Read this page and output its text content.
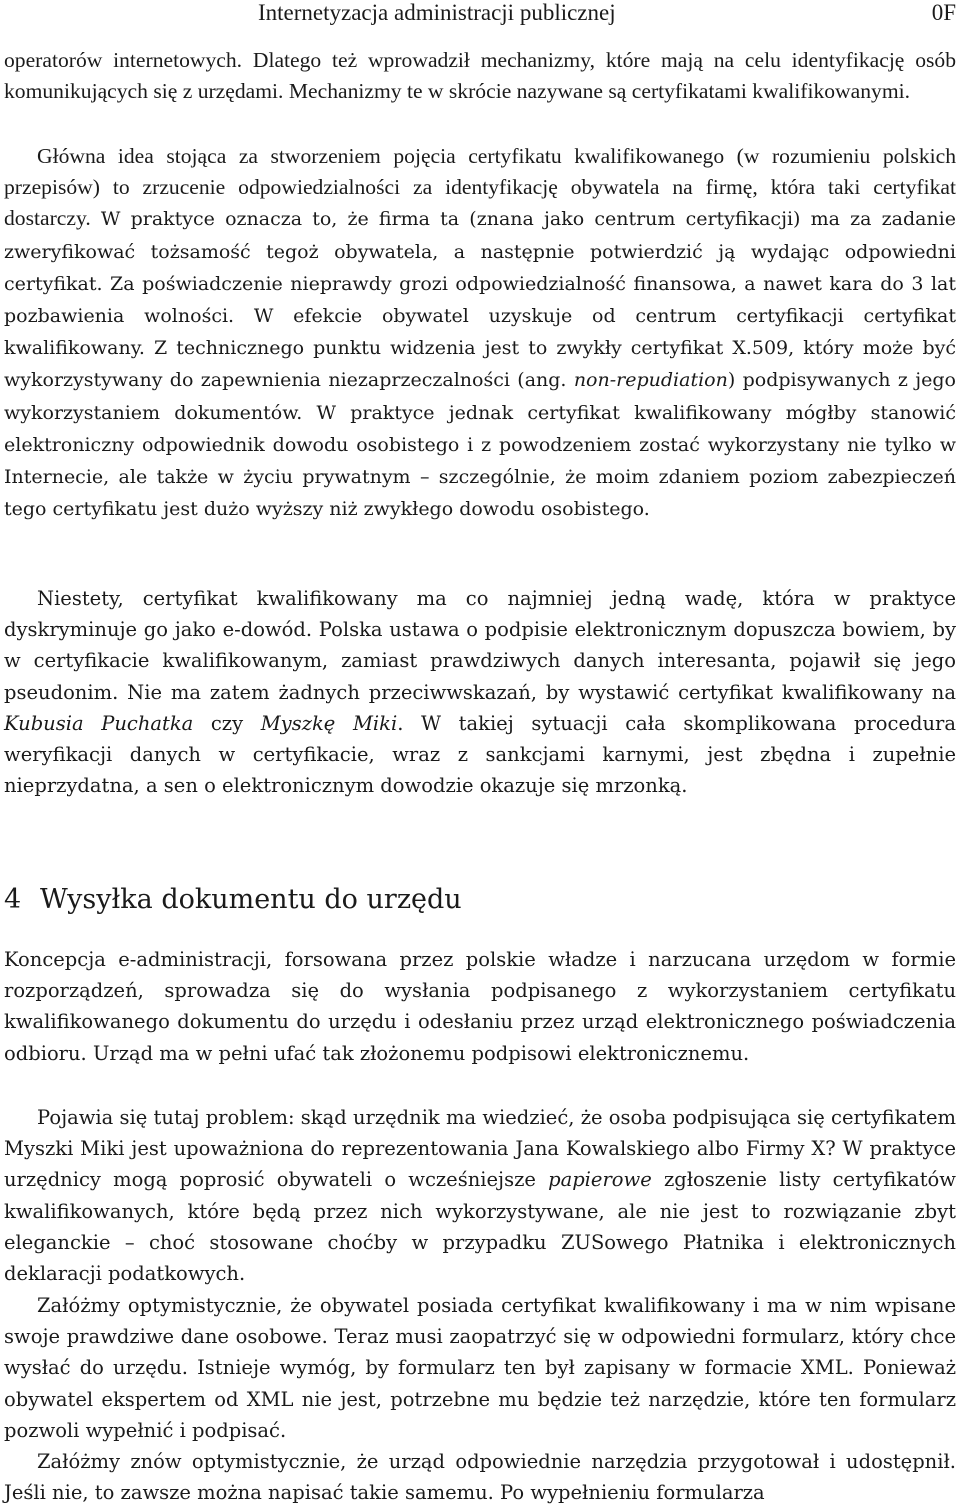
Internetyzacja administracji publicznej	0F

operatorów internetowych. Dlatego też wprowadził mechanizmy, które mają na celu identyfikację osób komunikujących się z urzędami. Mechanizmy te w skrócie nazywane są certyfikatami kwalifikowanymi.

Główna idea stojąca za stworzeniem pojęcia certyfikatu kwalifikowanego (w rozumieniu polskich przepisów) to zrzucenie odpowiedzialności za identyfikację obywatela na firmę, która taki certyfikat dostarczy. W praktyce oznacza to, że firma ta (znana jako centrum certyfikacji) ma za zadanie zweryfikować tożsamość tegoż obywatela, a następnie potwierdzić ją wydając odpowiedni certyfikat. Za poświadczenie nieprawdy grozi odpowiedzialność finansowa, a nawet kara do 3 lat pozbawienia wolności. W efekcie obywatel uzyskuje od centrum certyfikacji certyfikat kwalifikowany. Z technicznego punktu widzenia jest to zwykły certyfikat X.509, który może być wykorzystywany do zapewnienia niezaprzeczalności (ang. non-repudiation) podpisywanych z jego wykorzystaniem dokumentów. W praktyce jednak certyfikat kwalifikowany mógłby stanowić elektroniczny odpowiednik dowodu osobistego i z powodzeniem zostać wykorzystany nie tylko w Internecie, ale także w życiu prywatnym – szczególnie, że moim zdaniem poziom zabezpieczeń tego certyfikatu jest dużo wyższy niż zwykłego dowodu osobistego.

Niestety, certyfikat kwalifikowany ma co najmniej jedną wadę, która w praktyce dyskryminuje go jako e-dowód. Polska ustawa o podpisie elektronicznym dopuszcza bowiem, by w certyfikacie kwalifikowanym, zamiast prawdziwych danych interesanta, pojawił się jego pseudonim. Nie ma zatem żadnych przeciwwskazań, by wystawić certyfikat kwalifikowany na Kubusia Puchatka czy Myszkę Miki. W takiej sytuacji cała skomplikowana procedura weryfikacji danych w certyfikacie, wraz z sankcjami karnymi, jest zbędna i zupełnie nieprzydatna, a sen o elektronicznym dowodzie okazuje się mrzonką.

4 Wysyłka dokumentu do urzędu

Koncepcja e-administracji, forsowana przez polskie władze i narzucana urzędom w formie rozporządzeń, sprowadza się do wysłania podpisanego z wykorzystaniem certyfikatu kwalifikowanego dokumentu do urzędu i odesłaniu przez urząd elektronicznego poświadczenia odbioru. Urząd ma w pełni ufać tak złożonemu podpisowi elektronicznemu.

Pojawia się tutaj problem: skąd urzędnik ma wiedzieć, że osoba podpisująca się certyfikatem Myszki Miki jest upoważniona do reprezentowania Jana Kowalskiego albo Firmy X? W praktyce urzędnicy mogą poprosić obywateli o wcześniejsze papierowe zgłoszenie listy certyfikatów kwalifikowanych, które będą przez nich wykorzystywane, ale nie jest to rozwiązanie zbyt eleganckie – choć stosowane choćby w przypadku ZUSowego Płatnika i elektronicznych deklaracji podatkowych.

Załóżmy optymistycznie, że obywatel posiada certyfikat kwalifikowany i ma w nim wpisane swoje prawdziwe dane osobowe. Teraz musi zaopatrzyć się w odpowiedni formularz, który chce wysłać do urzędu. Istnieje wymóg, by formularz ten był zapisany w formacie XML. Ponieważ obywatel ekspertem od XML nie jest, potrzebne mu będzie też narzędzie, które ten formularz pozwoli wypełnić i podpisać.

Załóżmy znów optymistycznie, że urząd odpowiednie narzędzia przygotował i udostępnił. Jeśli nie, to zawsze można napisać takie samemu. Po wypełnieniu formularza
